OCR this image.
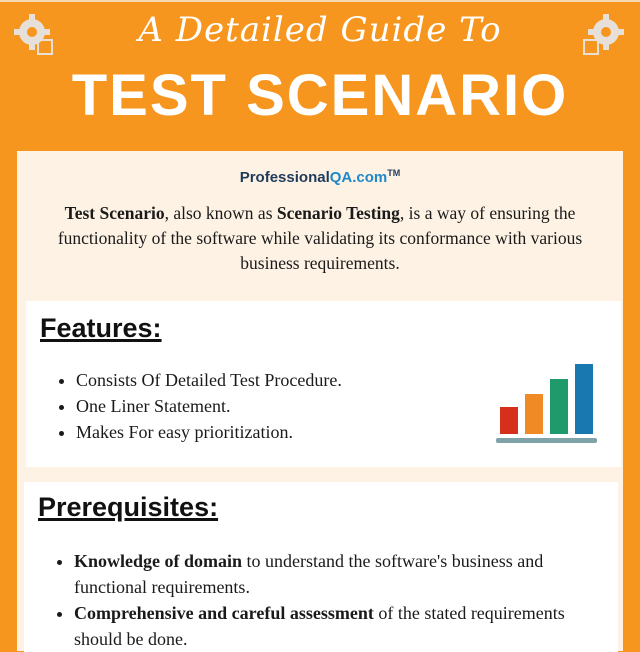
A Detailed Guide To
TEST SCENARIO
ProfessionalQA.com™
Test Scenario, also known as Scenario Testing, is a way of ensuring the functionality of the software while validating its conformance with various business requirements.
Features:
• Consists Of Detailed Test Procedure.
• One Liner Statement.
• Makes For easy prioritization.
Prerequisites:
• Knowledge of domain to understand the software's business and functional requirements.
• Comprehensive and careful assessment of the stated requirements should be done.
